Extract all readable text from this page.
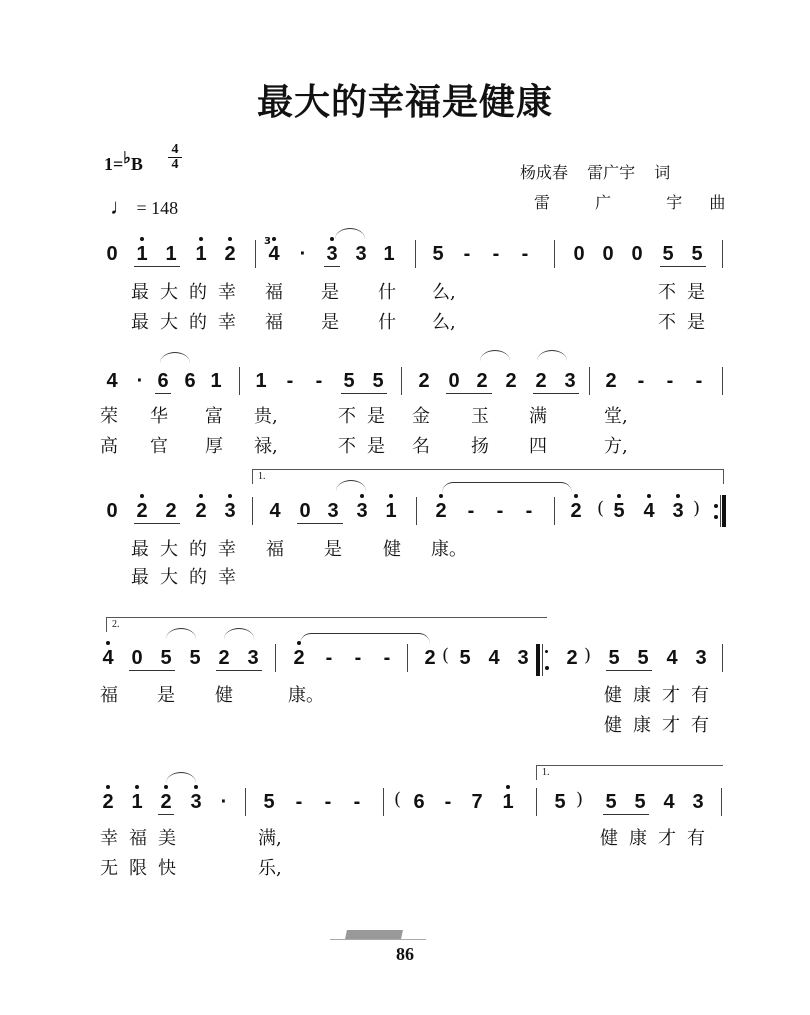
最大的幸福是健康
1=♭B
4
4
♩ = 148
杨成春 雷广宇 词
雷	广	宇 曲
0 1 1 1 2
3
4 · 3 3 1 5 - - - 0 0 0 5 5
最 大 的 幸 福 是 什 么,	不 是
最 大 的 幸 福 是 什 么,	不 是
4 · 6 6 1 1 - - 5 5 2 0 2 2 2 3 2 - - -
荣 华 富 贵,	不 是 金 玉 满	堂,
高 官 厚 禄,	不 是 名 扬 四	方,
1.
0 2 2 2 3 4 0 3 3 1 2 - - - 2 ( 5 4 3 )
最 大 的 幸 福 是 健 康。
最 大 的 幸
2.
4 0 5 5 2 3 2 - - - 2 ( 5 4 3 2 ) 5 5 4 3
福 是 健	康。	健 康 才 有
健 康 才 有
1.
2 1 2 3 · 5 - - - ( 6 - 7 1 5 ) 5 5 4 3
幸 福 美	满,	健 康 才 有
无 限 快	乐,
86
